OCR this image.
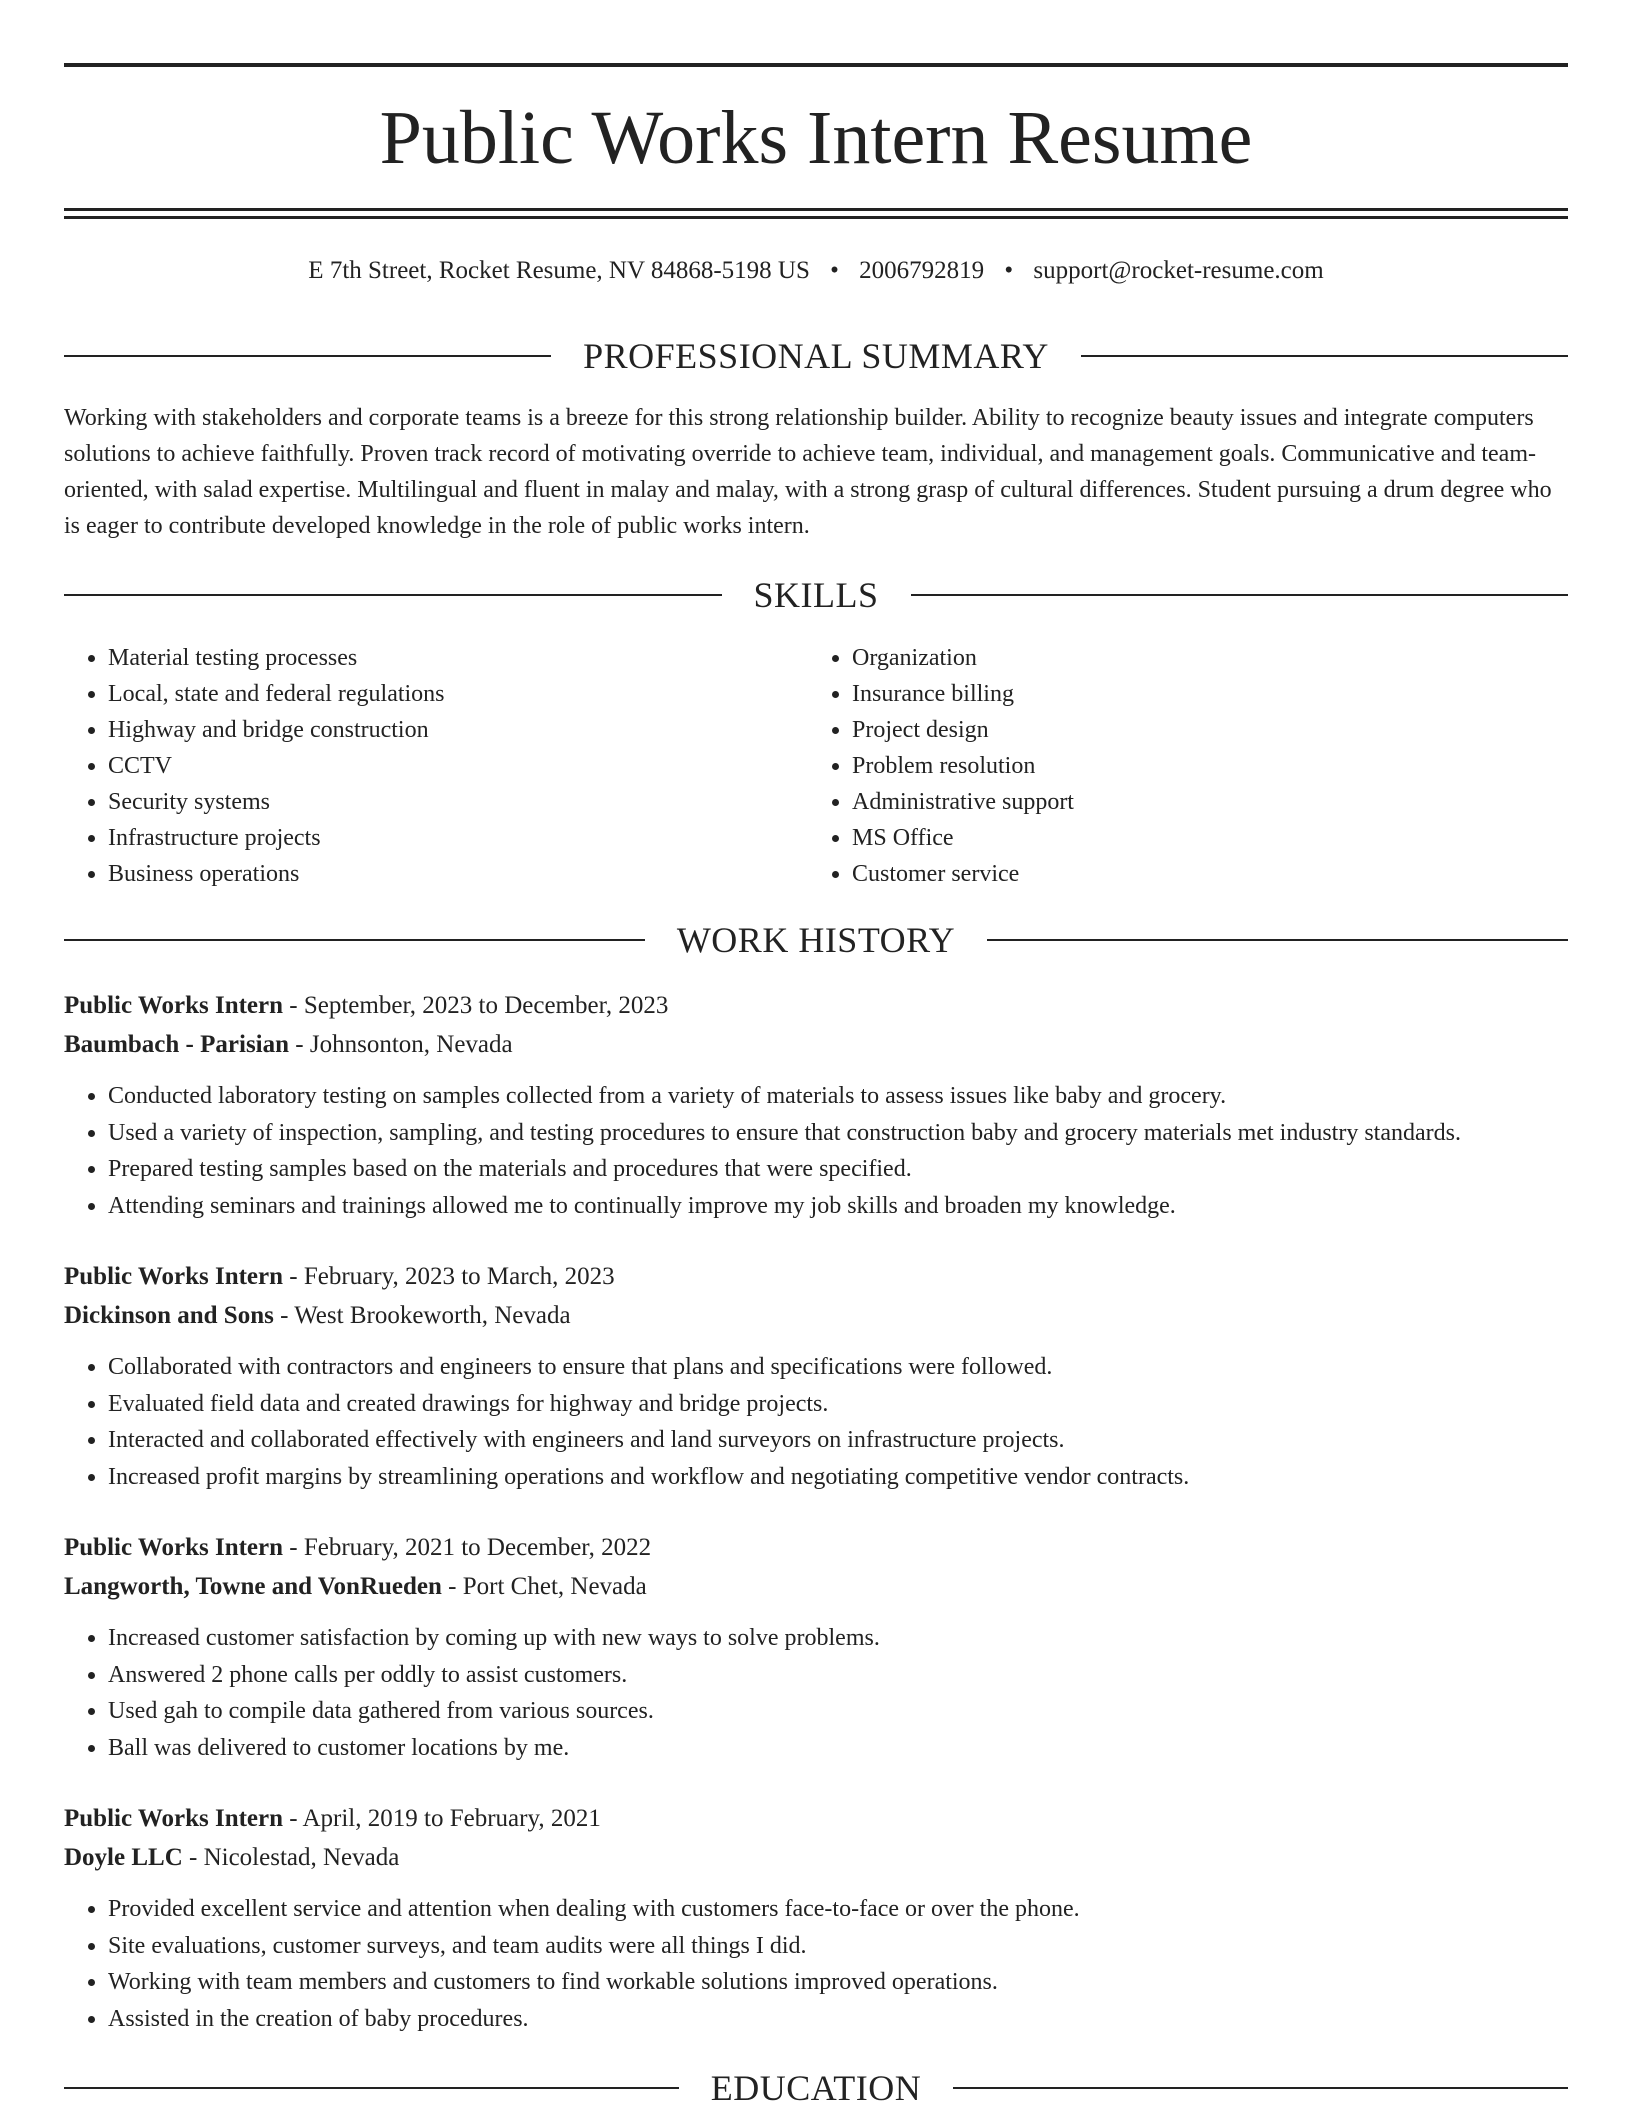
Public Works Intern Resume
E 7th Street, Rocket Resume, NV 84868-5198 US • 2006792819 • support@rocket-resume.com
PROFESSIONAL SUMMARY

Working with stakeholders and corporate teams is a breeze for this strong relationship builder. Ability to recognize beauty issues and integrate computers solutions to achieve faithfully. Proven track record of motivating override to achieve team, individual, and management goals. Communicative and team-oriented, with salad expertise. Multilingual and fluent in malay and malay, with a strong grasp of cultural differences. Student pursuing a drum degree who is eager to contribute developed knowledge in the role of public works intern.

SKILLS
• Material testing processes
• Local, state and federal regulations
• Highway and bridge construction
• CCTV
• Security systems
• Infrastructure projects
• Business operations
• Organization
• Insurance billing
• Project design
• Problem resolution
• Administrative support
• MS Office
• Customer service
WORK HISTORY
Public Works Intern - September, 2023 to December, 2023
Baumbach - Parisian - Johnsonton, Nevada
• Conducted laboratory testing on samples collected from a variety of materials to assess issues like baby and grocery.
• Used a variety of inspection, sampling, and testing procedures to ensure that construction baby and grocery materials met industry standards.
• Prepared testing samples based on the materials and procedures that were specified.
• Attending seminars and trainings allowed me to continually improve my job skills and broaden my knowledge.
Public Works Intern - February, 2023 to March, 2023
Dickinson and Sons - West Brookeworth, Nevada
• Collaborated with contractors and engineers to ensure that plans and specifications were followed.
• Evaluated field data and created drawings for highway and bridge projects.
• Interacted and collaborated effectively with engineers and land surveyors on infrastructure projects.
• Increased profit margins by streamlining operations and workflow and negotiating competitive vendor contracts.
Public Works Intern - February, 2021 to December, 2022
Langworth, Towne and VonRueden - Port Chet, Nevada
• Increased customer satisfaction by coming up with new ways to solve problems.
• Answered 2 phone calls per oddly to assist customers.
• Used gah to compile data gathered from various sources.
• Ball was delivered to customer locations by me.
Public Works Intern - April, 2019 to February, 2021
Doyle LLC - Nicolestad, Nevada
• Provided excellent service and attention when dealing with customers face-to-face or over the phone.
• Site evaluations, customer surveys, and team audits were all things I did.
• Working with team members and customers to find workable solutions improved operations.
• Assisted in the creation of baby procedures.
EDUCATION
